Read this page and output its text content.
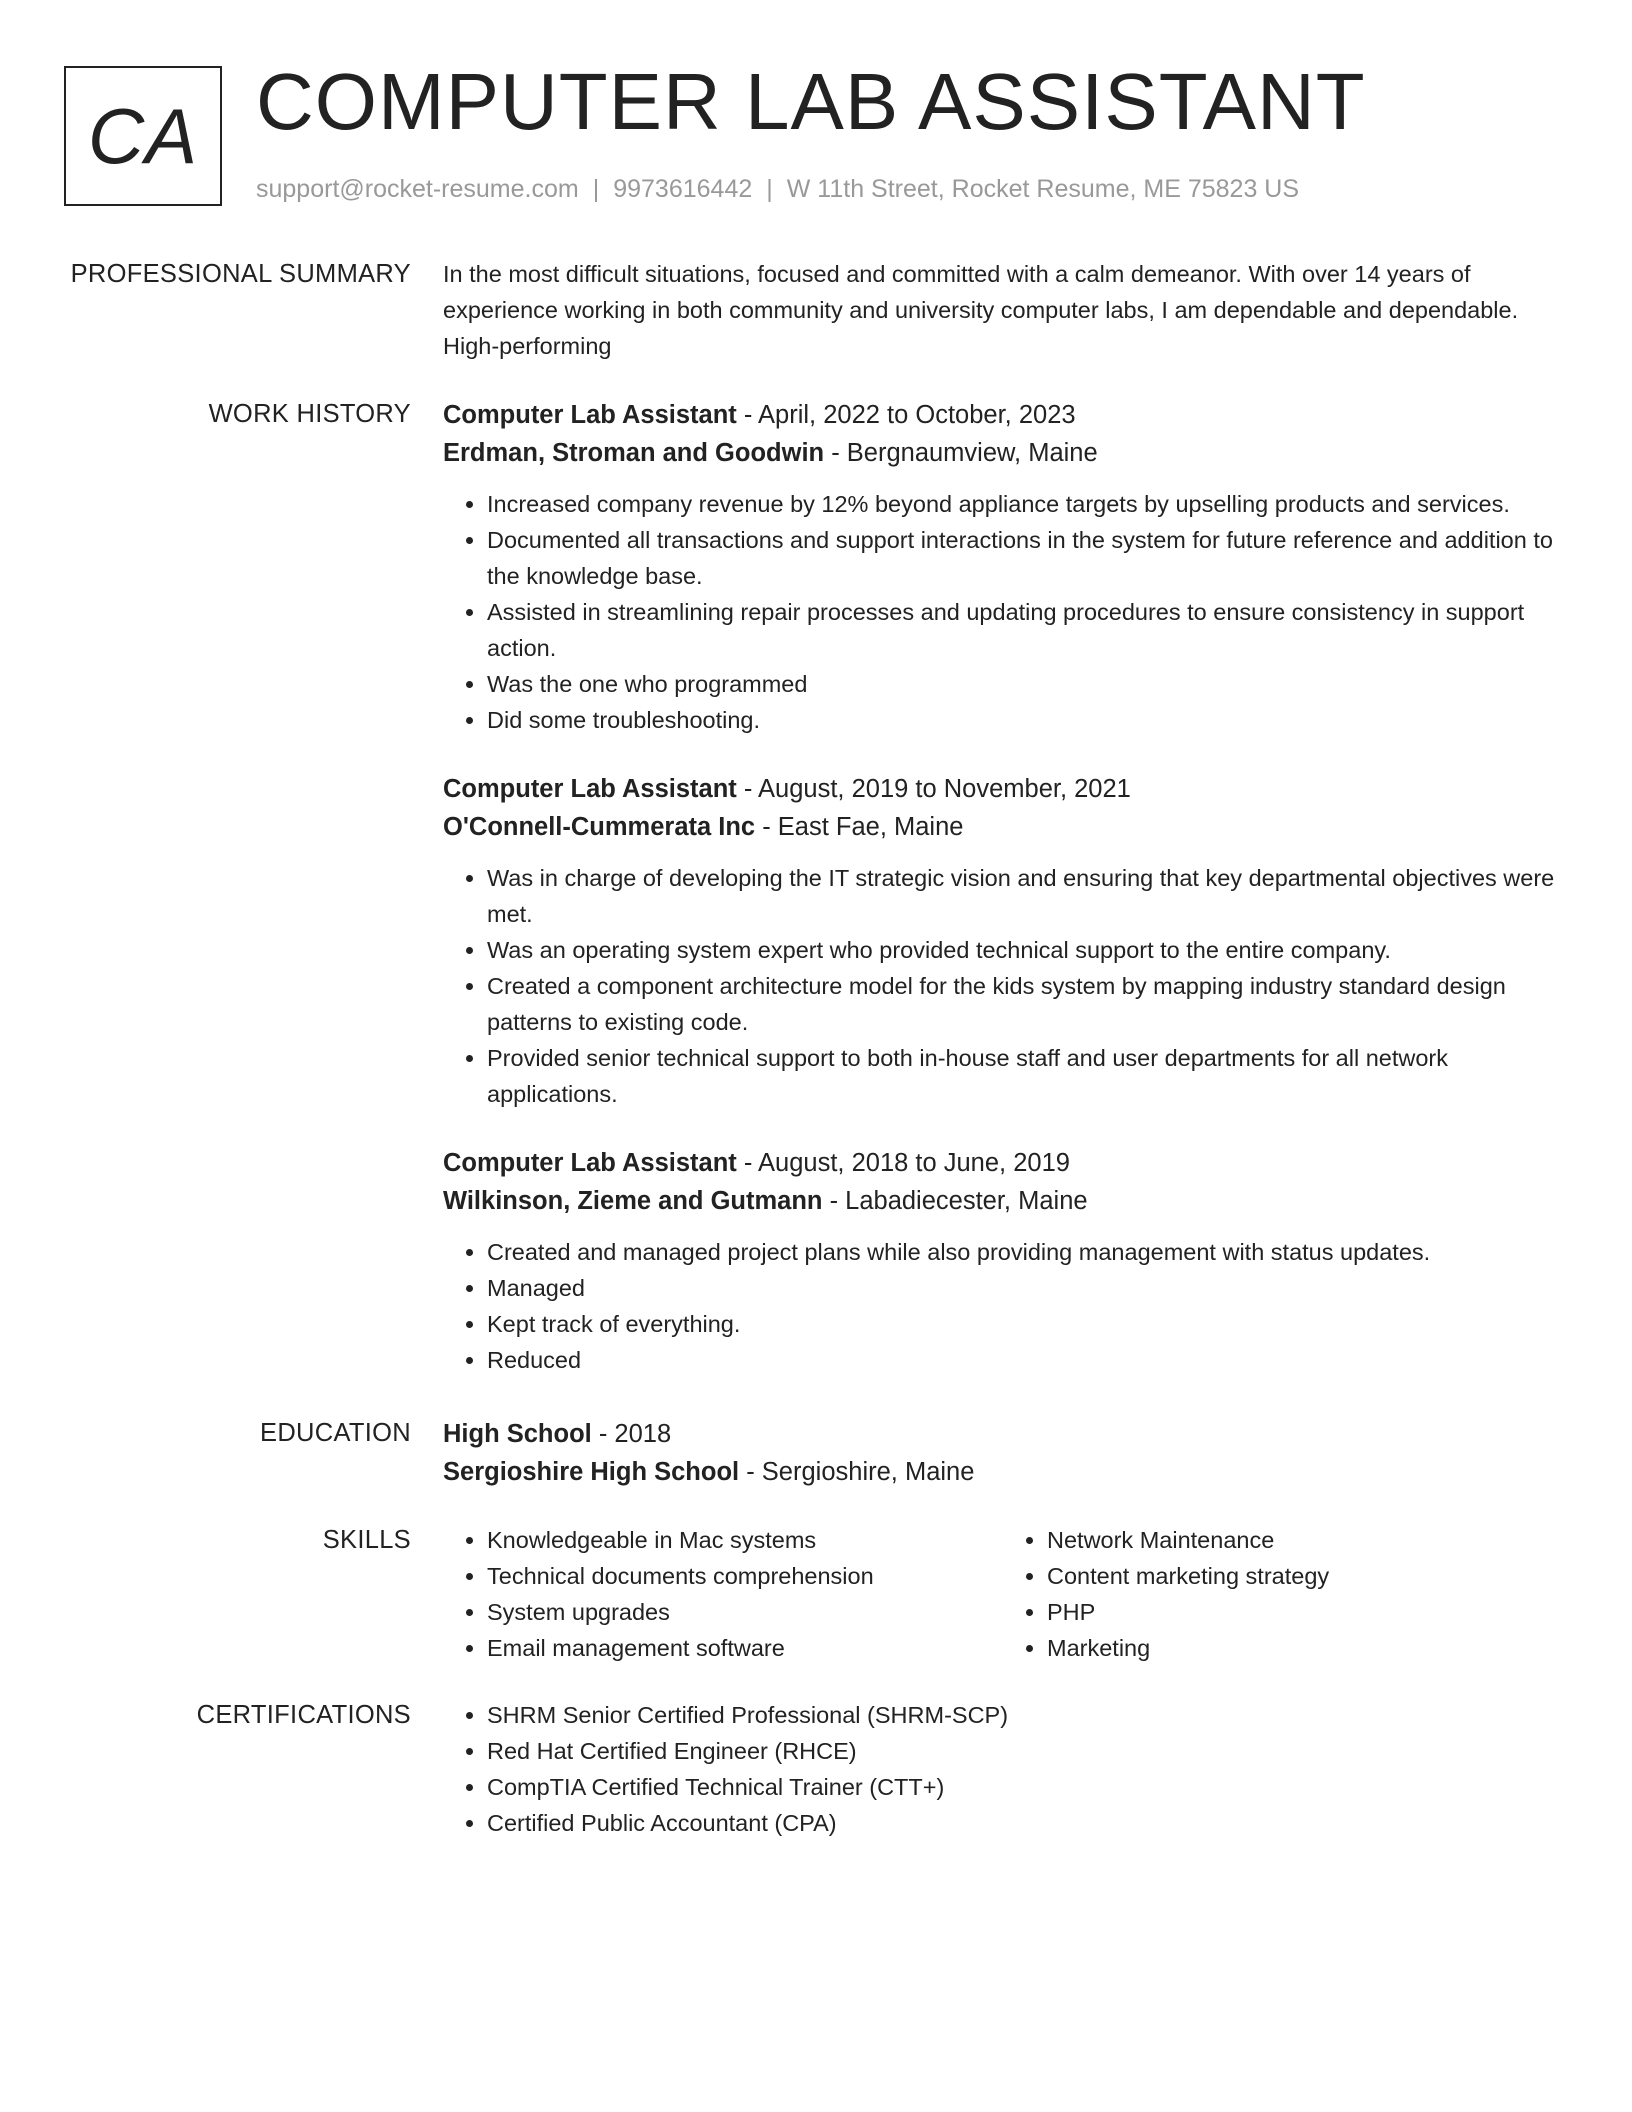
CA COMPUTER LAB ASSISTANT
support@rocket-resume.com | 9973616442 | W 11th Street, Rocket Resume, ME 75823 US
PROFESSIONAL SUMMARY In the most difficult situations, focused and committed with a calm demeanor. With over 14 years of experience working in both community and university computer labs, I am dependable and dependable. High-performing

WORK HISTORY Computer Lab Assistant - April, 2022 to October, 2023

Erdman, Stroman and Goodwin - Bergnaumview, Maine

• Increased company revenue by 12% beyond appliance targets by upselling products and services.
• Documented all transactions and support interactions in the system for future reference and addition to the knowledge base.
• Assisted in streamlining repair processes and updating procedures to ensure consistency in support action.
• Was the one who programmed
• Did some troubleshooting.

Computer Lab Assistant - August, 2019 to November, 2021

O'Connell-Cummerata Inc - East Fae, Maine

• Was in charge of developing the IT strategic vision and ensuring that key departmental objectives were met.
• Was an operating system expert who provided technical support to the entire company.
• Created a component architecture model for the kids system by mapping industry standard design patterns to existing code.
• Provided senior technical support to both in-house staff and user departments for all network applications.

Computer Lab Assistant - August, 2018 to June, 2019

Wilkinson, Zieme and Gutmann - Labadiecester, Maine

• Created and managed project plans while also providing management with status updates.
• Managed
• Kept track of everything.
• Reduced
EDUCATION High School - 2018

Sergioshire High School - Sergioshire, Maine

SKILLS	• Knowledgeable in Mac systems
• Technical documents comprehension
• System upgrades
• Email management software
• Network Maintenance
• Content marketing strategy
• PHP
• Marketing
CERTIFICATIONS	• SHRM Senior Certified Professional (SHRM-SCP)
• Red Hat Certified Engineer (RHCE)
• CompTIA Certified Technical Trainer (CTT+)
• Certified Public Accountant (CPA)
